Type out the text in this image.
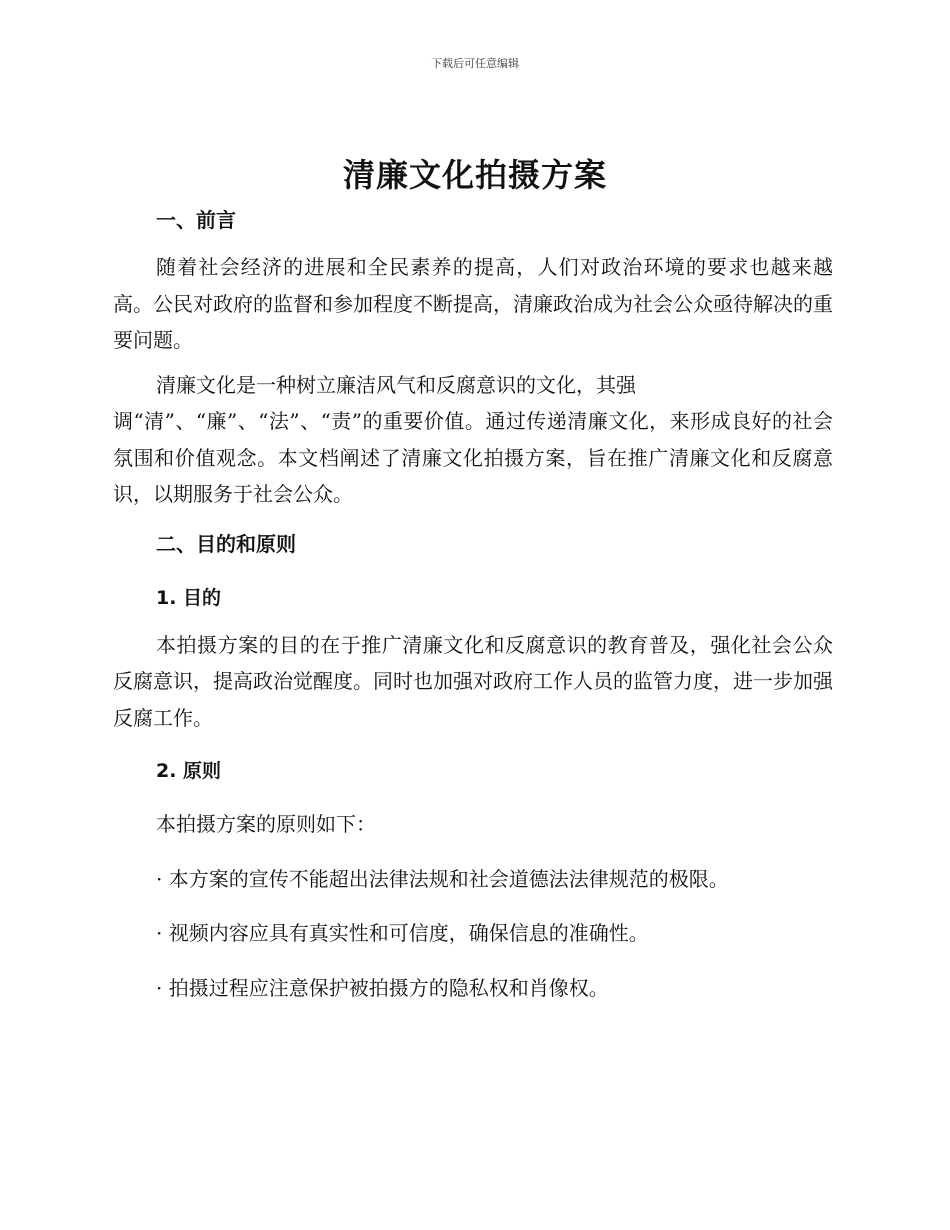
下载后可任意编辑
清廉文化拍摄方案
一、前言

随着社会经济的进展和全民素养的提高，人们对政治环境的要求也越来越高。公民对政府的监督和参加程度不断提高，清廉政治成为社会公众亟待解决的重要问题。

清廉文化是一种树立廉洁风气和反腐意识的文化，其强

调“清”、“廉”、“法”、“责”的重要价值。通过传递清廉文化，来形成良好的社会氛围和价值观念。本文档阐述了清廉文化拍摄方案，旨在推广清廉文化和反腐意识，以期服务于社会公众。

二、目的和原则
1. 目的

本拍摄方案的目的在于推广清廉文化和反腐意识的教育普及，强化社会公众反腐意识，提高政治觉醒度。同时也加强对政府工作人员的监管力度，进一步加强反腐工作。

2. 原则

本拍摄方案的原则如下：

· 本方案的宣传不能超出法律法规和社会道德法法律规范的极限。

· 视频内容应具有真实性和可信度，确保信息的准确性。

· 拍摄过程应注意保护被拍摄方的隐私权和肖像权。
